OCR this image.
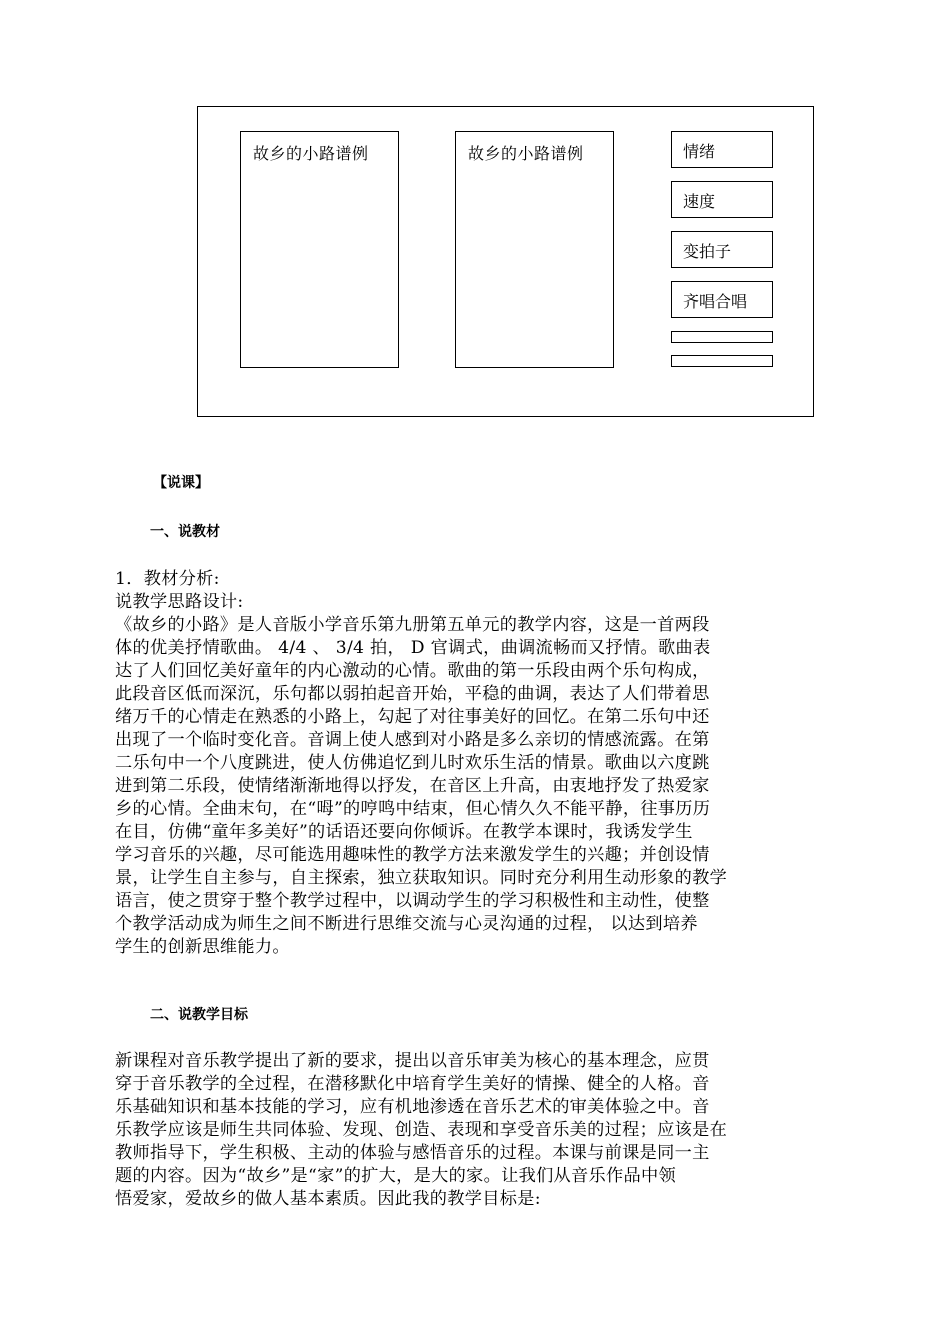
故乡的小路谱例	故乡的小路谱例	情绪
速度
变拍子
齐唱合唱
【说课】
一、说教材

1．教材分析:

说教学思路设计:

《故乡的小路》是人音版小学音乐第九册第五单元的教学内容，这是一首两段

体的优美抒情歌曲。 4/4 、 3/4 拍， D 官调式，曲调流畅而又抒情。歌曲表

达了人们回忆美好童年的内心激动的心情。歌曲的第一乐段由两个乐句构成，

此段音区低而深沉，乐句都以弱拍起音开始，平稳的曲调，表达了人们带着思

绪万千的心情走在熟悉的小路上，勾起了对往事美好的回忆。在第二乐句中还

出现了一个临时变化音。音调上使人感到对小路是多么亲切的情感流露。在第

二乐句中一个八度跳进，使人仿佛追忆到儿时欢乐生活的情景。歌曲以六度跳

进到第二乐段，使情绪渐渐地得以抒发，在音区上升高，由衷地抒发了热爱家

乡的心情。全曲末句，在“呣”的哼鸣中结束，但心情久久不能平静，往事历历

在目，仿佛“童年多美好”的话语还要向你倾诉。在教学本课时，我诱发学生

学习音乐的兴趣，尽可能选用趣味性的教学方法来激发学生的兴趣；并创设情

景，让学生自主参与，自主探索，独立获取知识。同时充分利用生动形象的教学

语言，使之贯穿于整个教学过程中，以调动学生的学习积极性和主动性，使整

个教学活动成为师生之间不断进行思维交流与心灵沟通的过程， 以达到培养

学生的创新思维能力。

二、说教学目标

新课程对音乐教学提出了新的要求，提出以音乐审美为核心的基本理念，应贯

穿于音乐教学的全过程，在潜移默化中培育学生美好的情操、健全的人格。音

乐基础知识和基本技能的学习，应有机地渗透在音乐艺术的审美体验之中。音

乐教学应该是师生共同体验、发现、创造、表现和享受音乐美的过程；应该是在

教师指导下，学生积极、主动的体验与感悟音乐的过程。本课与前课是同一主

题的内容。因为“故乡”是“家”的扩大，是大的家。让我们从音乐作品中领

悟爱家，爱故乡的做人基本素质。因此我的教学目标是:
